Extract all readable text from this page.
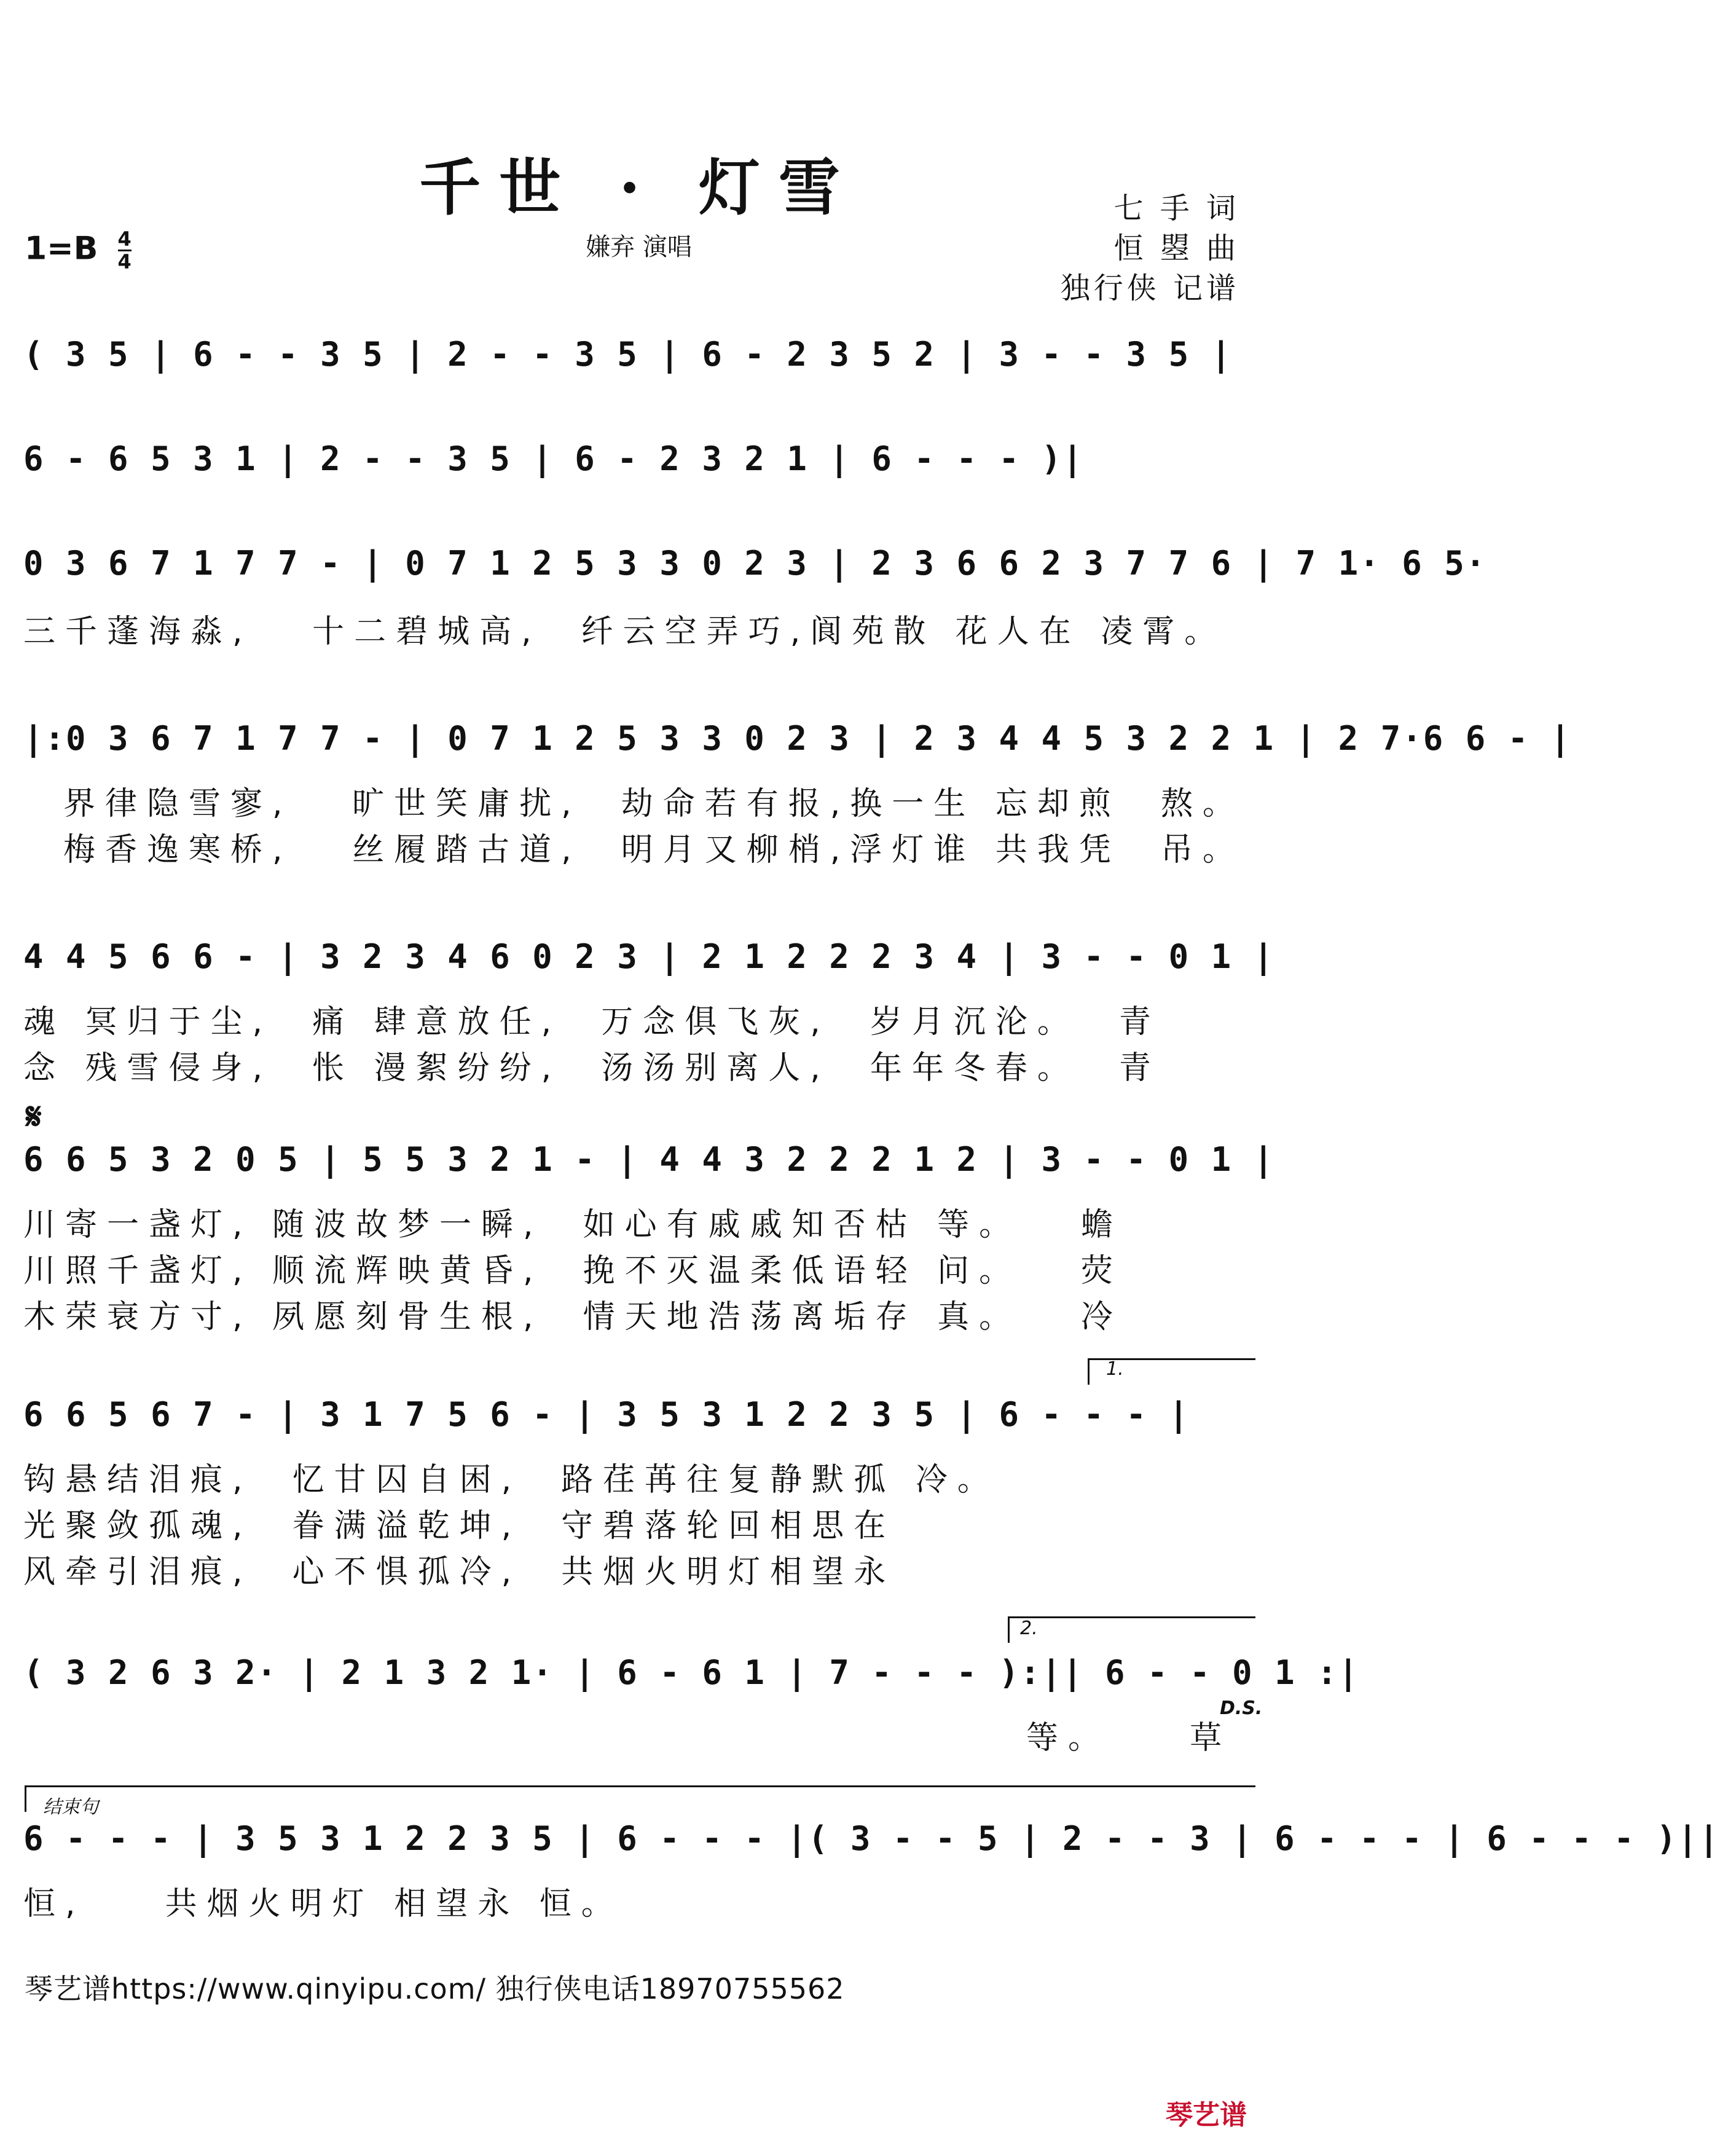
千世 · 灯雪
嫌弃 演唱
$1=B \frac{4}{4}$
七 手 词
恒 曌 曲
独行侠 记谱
( 3 5 | 6 - - 3 5 | 2 - - 3 5 | 6 - 2 3 5 2 | 3 - - 3 5 |
6 - 6 5 3 1 | 2 - - 3 5 | 6 - 2 3 2 1 | 6 - - - )|
0 3 6 7 1 7 7 - | 0 7 1 2 5 3 3 0 2 3 | 2 3 6 6 2 3 7 7 6 | 7 1· 6 5·
三千蓬海淼,   十二碧城高,  纤云空弄巧,阆苑散 花人在 凌霄。
|:0 3 6 7 1 7 7 - | 0 7 1 2 5 3 3 0 2 3 | 2 3 4 4 5 3 2 2 1 | 2 7·6 6 - |
界律隐雪寥,   旷世笑庸扰,  劫命若有报,换一生 忘却煎  熬。
梅香逸寒桥,   丝履踏古道,  明月又柳梢,浮灯谁 共我凭  吊。
4 4 5 6 6 - | 3 2 3 4 6 0 2 3 | 2 1 2 2 2 3 4 | 3 - - 0 1 |
魂 冥归于尘,  痛 肆意放任,  万念俱飞灰,  岁月沉沦。  青
念 残雪侵身,  怅 漫絮纷纷,  汤汤别离人,  年年冬春。  青
𝄋
6 6 5 3 2 0 5 | 5 5 3 2 1 - | 4 4 3 2 2 2 1 2 | 3 - - 0 1 |
川寄一盏灯, 随波故梦一瞬,  如心有戚戚知否枯 等。   蟾
川照千盏灯, 顺流辉映黄昏,  挽不灭温柔低语轻 问。   荧
木荣衰方寸, 夙愿刻骨生根,  情天地浩荡离垢存 真。   冷
1.
6 6 5 6 7 - | 3 1 7 5 6 - | 3 5 3 1 2 2 3 5 | 6 - - - |
钩悬结泪痕,  忆甘囚自困,  路荏苒往复静默孤 冷。
光聚敛孤魂,  眷满溢乾坤,  守碧落轮回相思在
风牵引泪痕,  心不惧孤冷,  共烟火明灯相望永
2.
( 3 2 6 3 2· | 2 1 3 2 1· | 6 - 6 1 | 7 - - - ):|| 6 - - 0 1 :|
等。    草
D.S.
结束句
6 - - - | 3 5 3 1 2 2 3 5 | 6 - - - |( 3 - - 5 | 2 - - 3 | 6 - - - | 6 - - - )||
恒,    共烟火明灯 相望永 恒。
琴艺谱https://www.qinyipu.com/ 独行侠电话18970755562
琴艺谱
